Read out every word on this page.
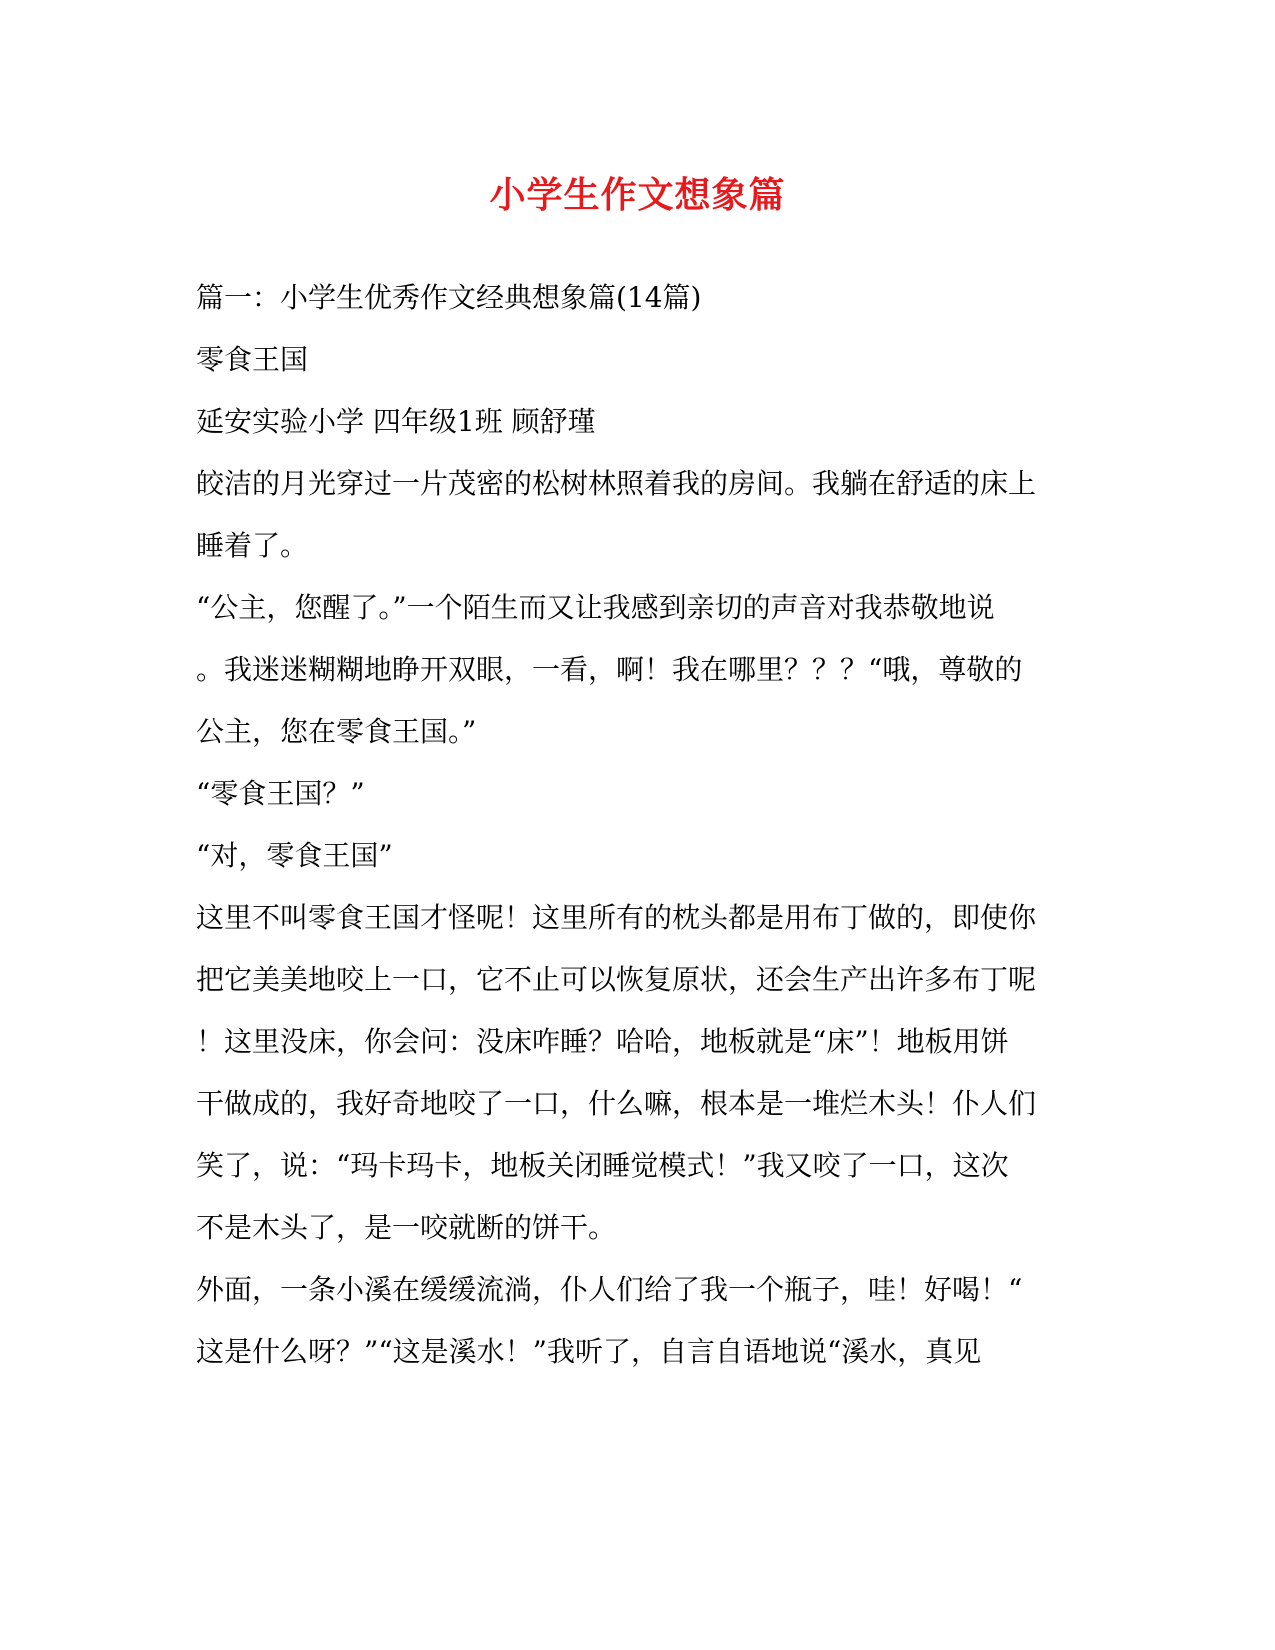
小学生作文想象篇
篇一：小学生优秀作文经典想象篇(14篇)
零食王国
延安实验小学 四年级1班 顾舒瑾
皎洁的月光穿过一片茂密的松树林照着我的房间。我躺在舒适的床上
睡着了。
“公主，您醒了。”一个陌生而又让我感到亲切的声音对我恭敬地说
。我迷迷糊糊地睁开双眼，一看，啊！我在哪里？？？“哦，尊敬的
公主，您在零食王国。”
“零食王国？”
“对，零食王国”
这里不叫零食王国才怪呢！这里所有的枕头都是用布丁做的，即使你
把它美美地咬上一口，它不止可以恢复原状，还会生产出许多布丁呢
！这里没床，你会问：没床咋睡？哈哈，地板就是“床”！地板用饼
干做成的，我好奇地咬了一口，什么嘛，根本是一堆烂木头！仆人们
笑了，说：“玛卡玛卡，地板关闭睡觉模式！”我又咬了一口，这次
不是木头了，是一咬就断的饼干。
外面，一条小溪在缓缓流淌，仆人们给了我一个瓶子，哇！好喝！“
这是什么呀？”“这是溪水！”我听了，自言自语地说“溪水，真见
